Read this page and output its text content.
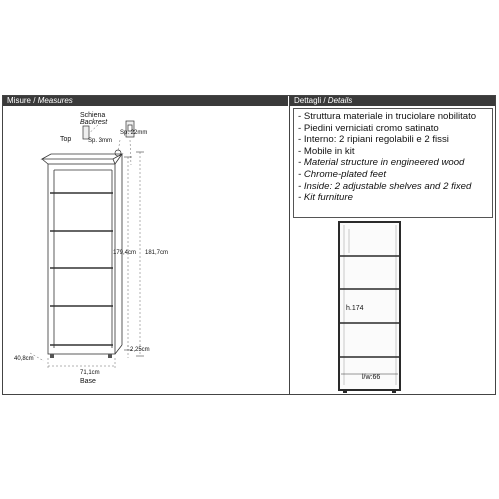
Misure / Measures	Dettagli / Details
- Struttura materiale in truciolare nobilitato
- Piedini verniciati cromo satinato
- Interno: 2 ripiani regolabili e 2 fissi
- Mobile in kit
- Material structure in engineered wood
- Chrome-plated feet
- Inside: 2 adjustable shelves and 2 fixed
- Kit furniture
Schiena
Backrest
Sp. 3mm
Sp. 22mm
Top
179,4cm 181,7cm
2,25cm
40,8cm
71,1cm
Base
h.174
l/w:66
